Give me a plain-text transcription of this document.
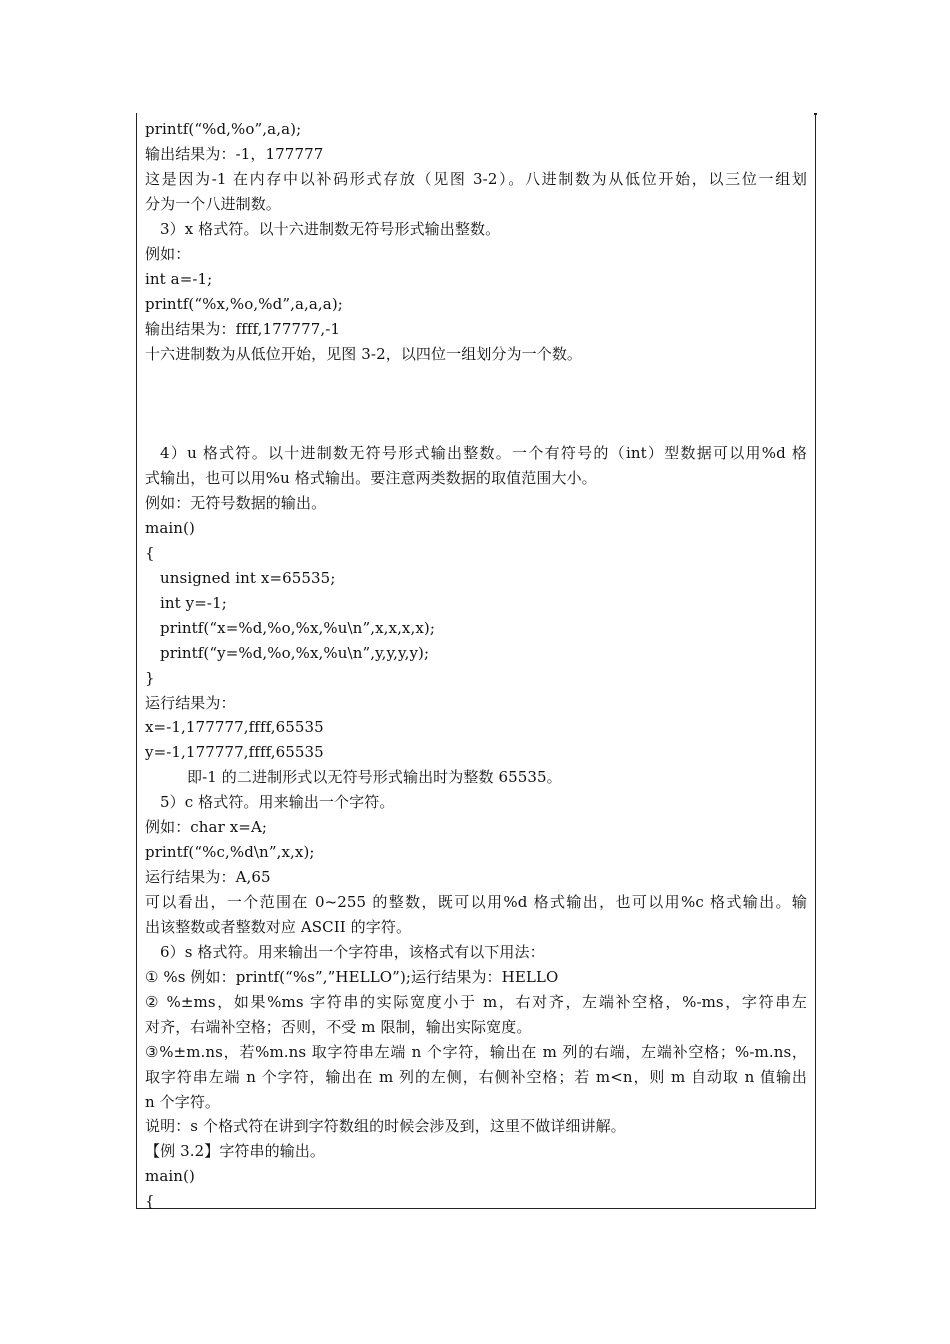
printf(“%d,%o”,a,a);
输出结果为：-1，177777
这是因为-1 在内存中以补码形式存放（见图 3-2）。八进制数为从低位开始，以三位一组划
分为一个八进制数。
3）x 格式符。以十六进制数无符号形式输出整数。
例如：
int a=-1;
printf(“%x,%o,%d”,a,a,a);
输出结果为：ffff,177777,-1
十六进制数为从低位开始，见图 3-2，以四位一组划分为一个数。
4）u 格式符。以十进制数无符号形式输出整数。一个有符号的（int）型数据可以用%d 格
式输出，也可以用%u 格式输出。要注意两类数据的取值范围大小。
例如：无符号数据的输出。
main()
{
unsigned int x=65535;
int y=-1;
printf(“x=%d,%o,%x,%u\n”,x,x,x,x);
printf(“y=%d,%o,%x,%u\n”,y,y,y,y);
}
运行结果为：
x=-1,177777,ffff,65535
y=-1,177777,ffff,65535
即-1 的二进制形式以无符号形式输出时为整数 65535。
5）c 格式符。用来输出一个字符。
例如：char x=A;
printf(“%c,%d\n”,x,x);
运行结果为：A,65
可以看出，一个范围在 0~255 的整数，既可以用%d 格式输出，也可以用%c 格式输出。输
出该整数或者整数对应 ASCII 的字符。
6）s 格式符。用来输出一个字符串，该格式有以下用法：
① %s 例如：printf(“%s”,”HELLO”);运行结果为：HELLO
② %±ms，如果%ms 字符串的实际宽度小于 m，右对齐，左端补空格，%-ms，字符串左
对齐，右端补空格；否则，不受 m 限制，输出实际宽度。
③%±m.ns，若%m.ns 取字符串左端 n 个字符，输出在 m 列的右端，左端补空格；%-m.ns，
取字符串左端 n 个字符，输出在 m 列的左侧，右侧补空格；若 m<n，则 m 自动取 n 值输出
n 个字符。
说明：s 个格式符在讲到字符数组的时候会涉及到，这里不做详细讲解。
【例 3.2】字符串的输出。
main()
{
